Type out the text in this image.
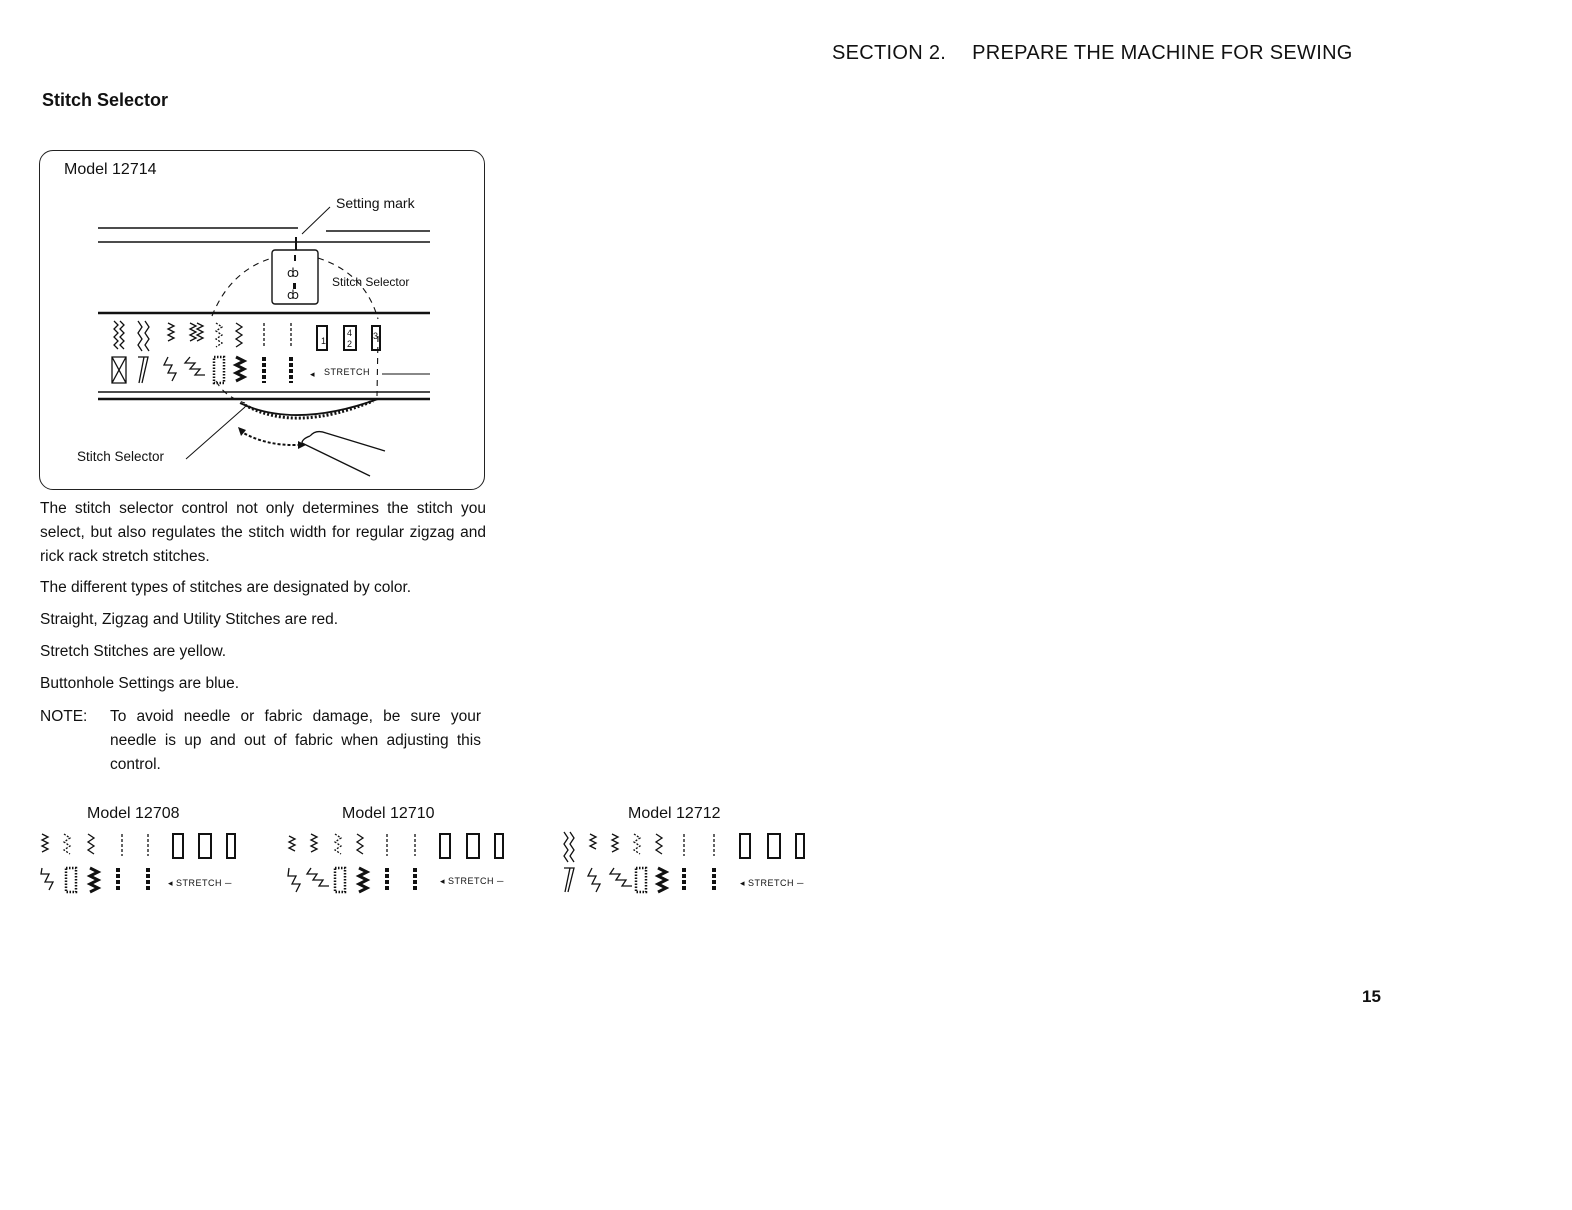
SECTION 2. PREPARE THE MACHINE FOR SEWING
Stitch Selector
ȸ
ȸ
1
4
2
3
◂
Model 12714
Setting mark
Stitch Selector
STRETCH
Stitch Selector
The stitch selector control not only determines the stitch you select, but also regulates the stitch width for regular zigzag and rick rack stretch stitches.
The different types of stitches are designated by color.
Straight, Zigzag and Utility Stitches are red.
Stretch Stitches are yellow.
Buttonhole Settings are blue.
NOTE: To avoid needle or fabric damage, be sure your needle is up and out of fabric when adjusting this control.
Model 12708	Model 12710	Model 12712
◂ STRETCH ─	◂ STRETCH ─	◂ STRETCH ─
15
